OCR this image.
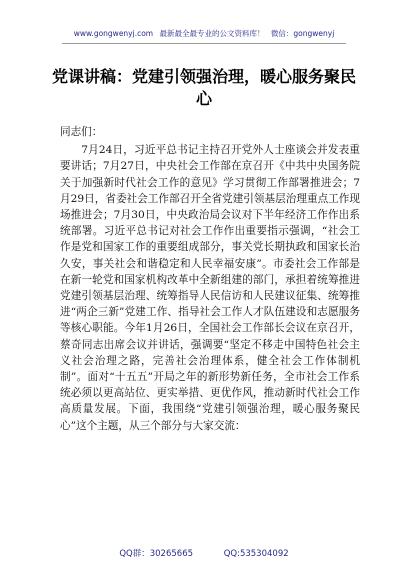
www.gongwenyj.com 最新最全最专业的公文资料库！ 微信：gongwenyj
党课讲稿：党建引领强治理，暖心服务聚民心

同志们：

7月24日，习近平总书记主持召开党外人士座谈会并发表重要讲话；7月27日，中央社会工作部在京召开《中共中央国务院关于加强新时代社会工作的意见》学习贯彻工作部署推进会；7月29日，省委社会工作部召开全省党建引领基层治理重点工作现场推进会；7月30日，中央政治局会议对下半年经济工作作出系统部署。习近平总书记对社会工作作出重要指示强调，“社会工作是党和国家工作的重要组成部分，事关党长期执政和国家长治久安，事关社会和谐稳定和人民幸福安康”。市委社会工作部是在新一轮党和国家机构改革中全新组建的部门，承担着统筹推进党建引领基层治理、统筹指导人民信访和人民建议征集、统筹推进“两企三新”党建工作、指导社会工作人才队伍建设和志愿服务等核心职能。今年1月26日，全国社会工作部长会议在京召开，蔡奇同志出席会议并讲话，强调要“坚定不移走中国特色社会主义社会治理之路，完善社会治理体系，健全社会工作体制机制”。面对“十五五”开局之年的新形势新任务，全市社会工作系统必须以更高站位、更实举措、更优作风，推动新时代社会工作高质量发展。下面，我围绕“党建引领强治理，暖心服务聚民心”这个主题，从三个部分与大家交流：

QQ群：30265665	QQ:535304092
